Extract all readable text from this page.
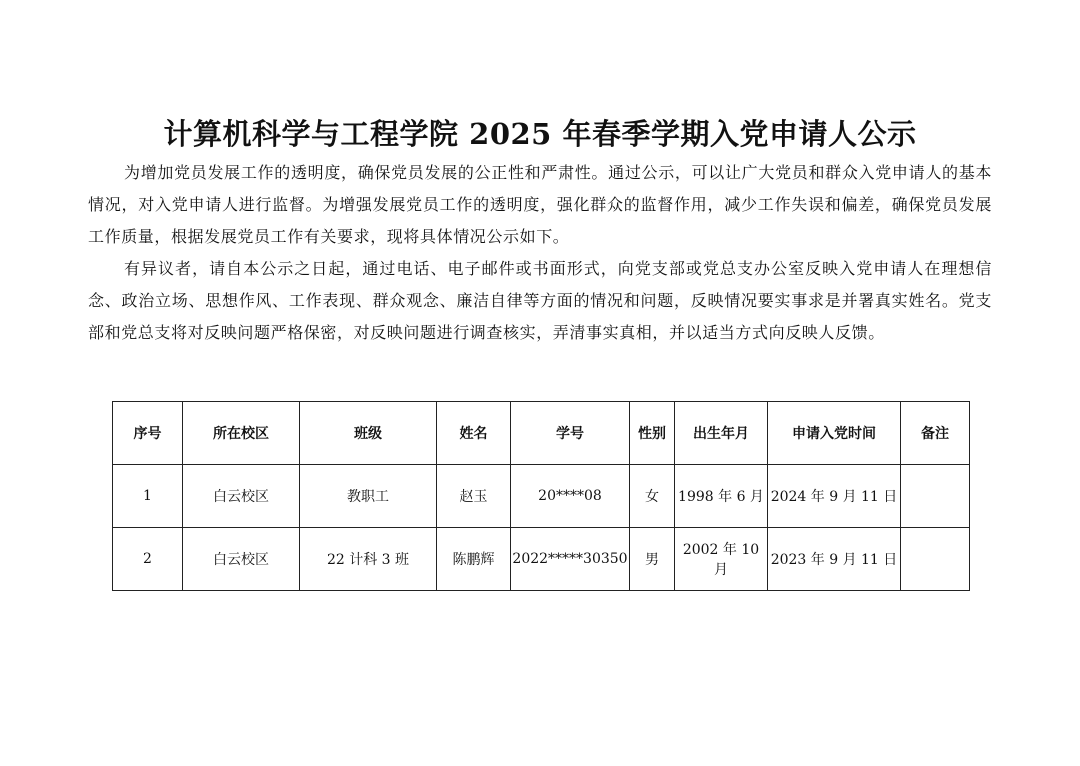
计算机科学与工程学院 2025 年春季学期入党申请人公示

为增加党员发展工作的透明度，确保党员发展的公正性和严肃性。通过公示，可以让广大党员和群众入党申请人的基本情况，对入党申请人进行监督。为增强发展党员工作的透明度，强化群众的监督作用，减少工作失误和偏差，确保党员发展工作质量，根据发展党员工作有关要求，现将具体情况公示如下。

有异议者，请自本公示之日起，通过电话、电子邮件或书面形式，向党支部或党总支办公室反映入党申请人在理想信念、政治立场、思想作风、工作表现、群众观念、廉洁自律等方面的情况和问题，反映情况要实事求是并署真实姓名。党支部和党总支将对反映问题严格保密，对反映问题进行调查核实，弄清事实真相，并以适当方式向反映人反馈。

序号	所在校区	班级	姓名	学号	性别	出生年月	申请入党时间	备注
1	白云校区	教职工	赵玉	20****08	女	1998 年 6 月	2024 年 9 月 11 日	
2	白云校区	22 计科 3 班	陈鹏辉	2022*****30350	男	2002 年 10 月	2023 年 9 月 11 日	
